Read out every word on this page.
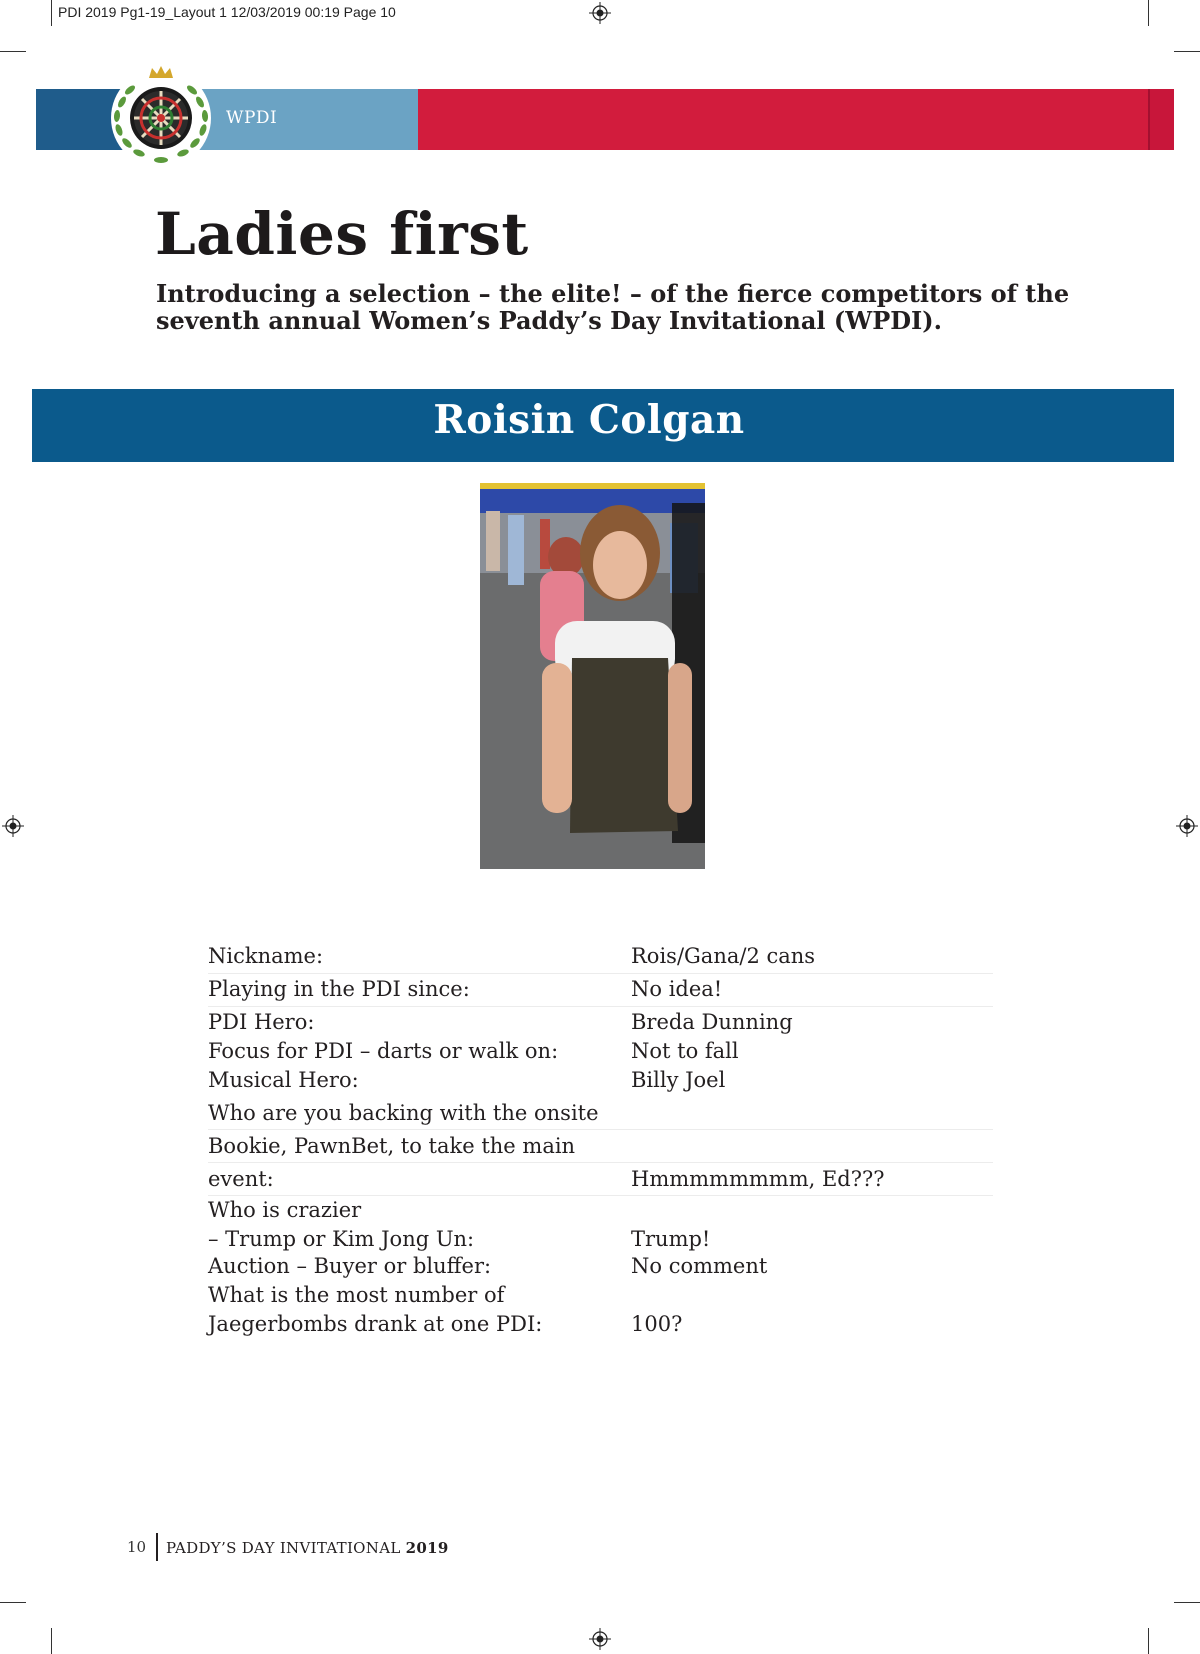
PDI 2019 Pg1-19_Layout 1 12/03/2019 00:19 Page 10
WPDI
Ladies first
Introducing a selection – the elite! – of the fierce competitors of the seventh annual Women’s Paddy’s Day Invitational (WPDI).
Roisin Colgan
Nickname:	Rois/Gana/2 cans
Playing in the PDI since:	No idea!
PDI Hero:	Breda Dunning
Focus for PDI – darts or walk on:	Not to fall
Musical Hero:	Billy Joel
Who are you backing with the onsite
Bookie, PawnBet, to take the main
event:	Hmmmmmmmm, Ed???
Who is crazier
– Trump or Kim Jong Un:	Trump!
Auction – Buyer or bluffer:	No comment
What is the most number of
Jaegerbombs drank at one PDI:	100?
10 PADDY’S DAY INVITATIONAL 2019
